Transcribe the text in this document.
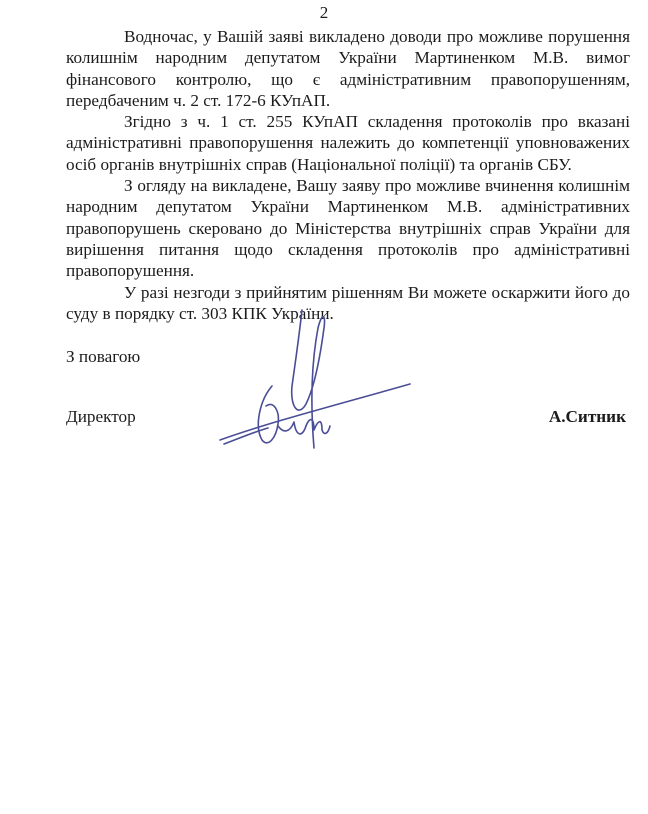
2

Водночас, у Вашій заяві викладено доводи про можливе порушення колишнім народним депутатом України Мартиненком М.В. вимог фінансового контролю, що є адміністративним правопорушенням, передбаченим ч. 2 ст. 172-6 КУпАП.

Згідно з ч. 1 ст. 255 КУпАП складення протоколів про вказані адміністративні правопорушення належить до компетенції уповноважених осіб органів внутрішніх справ (Національної поліції) та органів СБУ.

З огляду на викладене, Вашу заяву про можливе вчинення колишнім народним депутатом України Мартиненком М.В. адміністративних правопорушень скеровано до Міністерства внутрішніх справ України для вирішення питання щодо складення протоколів про адміністративні правопорушення.

У разі незгоди з прийнятим рішенням Ви можете оскаржити його до суду в порядку ст. 303 КПК України.

З повагою
Директор	А.Ситник
